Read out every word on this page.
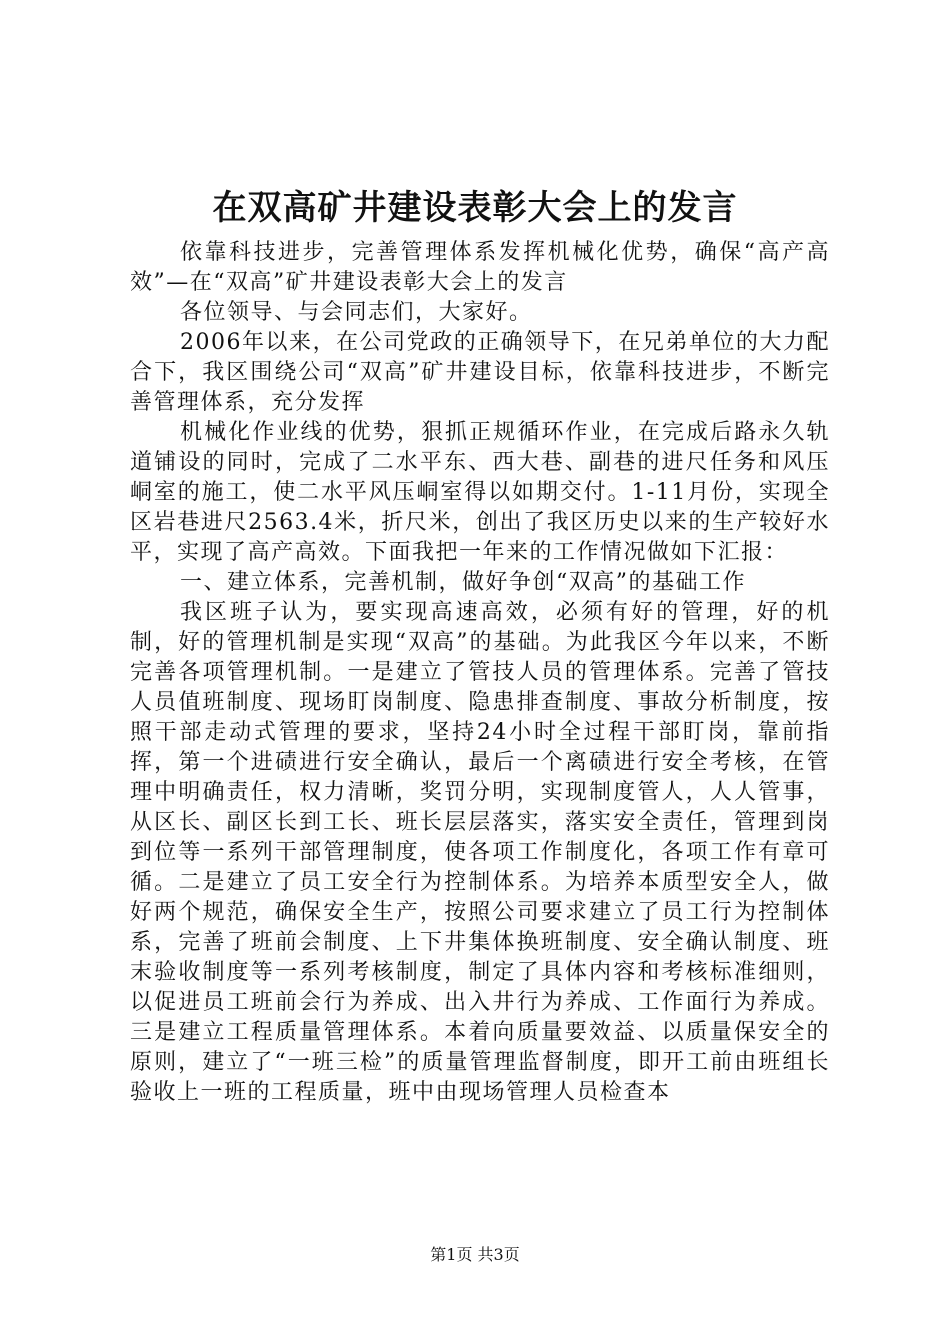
在双高矿井建设表彰大会上的发言

依靠科技进步，完善管理体系发挥机械化优势，确保“高产高效”—在“双高”矿井建设表彰大会上的发言

各位领导、与会同志们，大家好。

2006年以来，在公司党政的正确领导下，在兄弟单位的大力配合下，我区围绕公司“双高”矿井建设目标，依靠科技进步，不断完善管理体系，充分发挥

机械化作业线的优势，狠抓正规循环作业，在完成后路永久轨道铺设的同时，完成了二水平东、西大巷、副巷的进尺任务和风压峒室的施工，使二水平风压峒室得以如期交付。1-11月份，实现全区岩巷进尺2563.4米，折尺米，创出了我区历史以来的生产较好水平，实现了高产高效。下面我把一年来的工作情况做如下汇报：

一、建立体系，完善机制，做好争创“双高”的基础工作

我区班子认为，要实现高速高效，必须有好的管理，好的机制，好的管理机制是实现“双高”的基础。为此我区今年以来，不断完善各项管理机制。一是建立了管技人员的管理体系。完善了管技人员值班制度、现场盯岗制度、隐患排查制度、事故分析制度，按照干部走动式管理的要求，坚持24小时全过程干部盯岗，靠前指挥，第一个进碛进行安全确认，最后一个离碛进行安全考核，在管理中明确责任，权力清晰，奖罚分明，实现制度管人，人人管事，从区长、副区长到工长、班长层层落实，落实安全责任，管理到岗到位等一系列干部管理制度，使各项工作制度化，各项工作有章可循。二是建立了员工安全行为控制体系。为培养本质型安全人，做好两个规范，确保安全生产，按照公司要求建立了员工行为控制体系，完善了班前会制度、上下井集体换班制度、安全确认制度、班末验收制度等一系列考核制度，制定了具体内容和考核标准细则，以促进员工班前会行为养成、出入井行为养成、工作面行为养成。三是建立工程质量管理体系。本着向质量要效益、以质量保安全的原则，建立了“一班三检”的质量管理监督制度，即开工前由班组长验收上一班的工程质量，班中由现场管理人员检查本

第1页 共3页
